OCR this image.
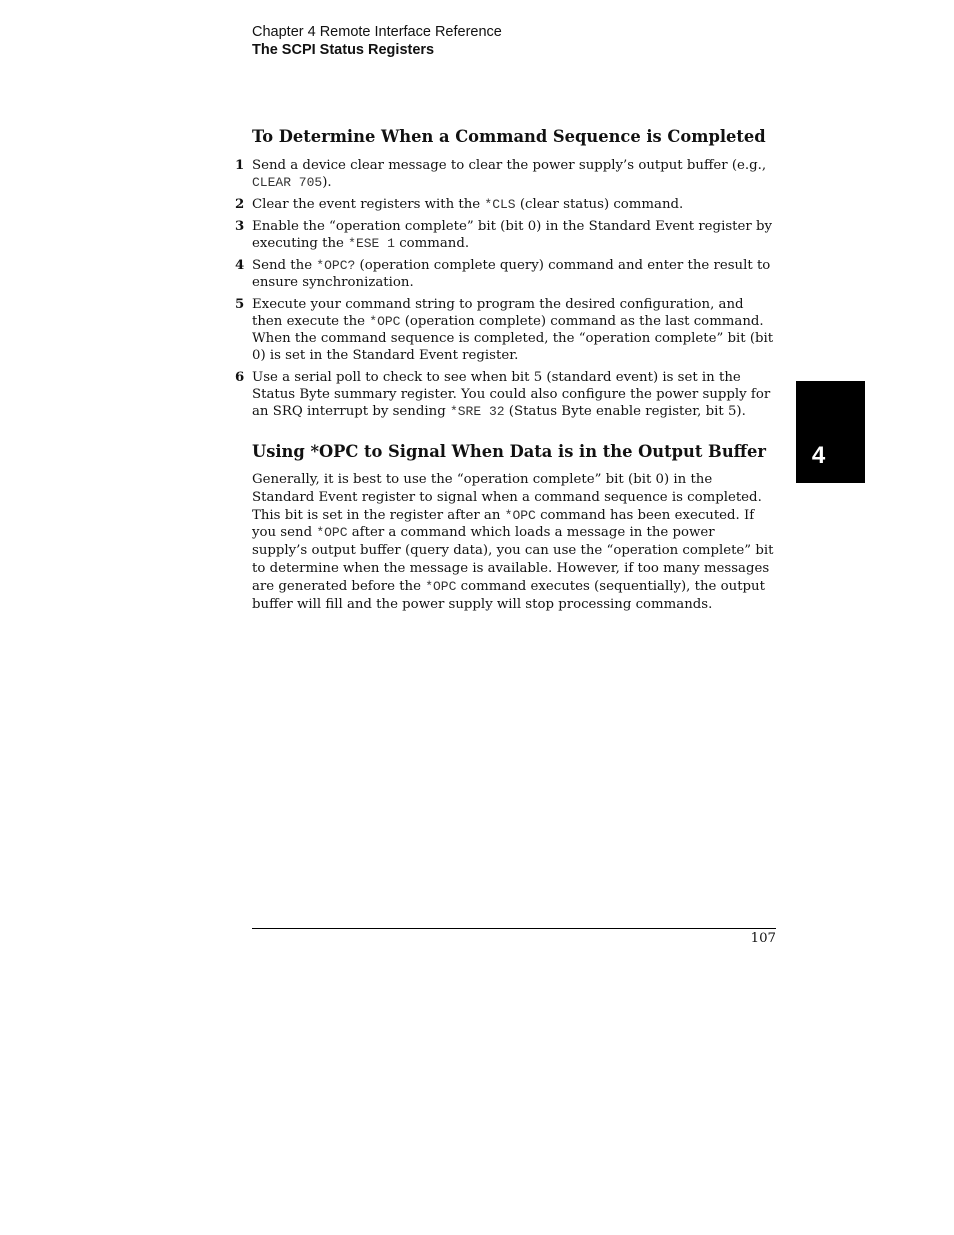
Chapter 4 Remote Interface Reference
The SCPI Status Registers
To Determine When a Command Sequence is Completed
1 Send a device clear message to clear the power supply’s output buffer (e.g., CLEAR 705).
2 Clear the event registers with the *CLS (clear status) command.
3 Enable the “operation complete” bit (bit 0) in the Standard Event register by executing the *ESE 1 command.
4 Send the *OPC? (operation complete query) command and enter the result to ensure synchronization.
5 Execute your command string to program the desired configuration, and then execute the *OPC (operation complete) command as the last command. When the command sequence is completed, the “operation complete” bit (bit 0) is set in the Standard Event register.
6 Use a serial poll to check to see when bit 5 (standard event) is set in the Status Byte summary register. You could also configure the power supply for an SRQ interrupt by sending *SRE 32 (Status Byte enable register, bit 5).
Using *OPC to Signal When Data is in the Output Buffer

Generally, it is best to use the “operation complete” bit (bit 0) in the Standard Event register to signal when a command sequence is completed. This bit is set in the register after an *OPC command has been executed. If you send *OPC after a command which loads a message in the power supply’s output buffer (query data), you can use the “operation complete” bit to determine when the message is available. However, if too many messages are generated before the *OPC command executes (sequentially), the output buffer will fill and the power supply will stop processing commands.

4
107
